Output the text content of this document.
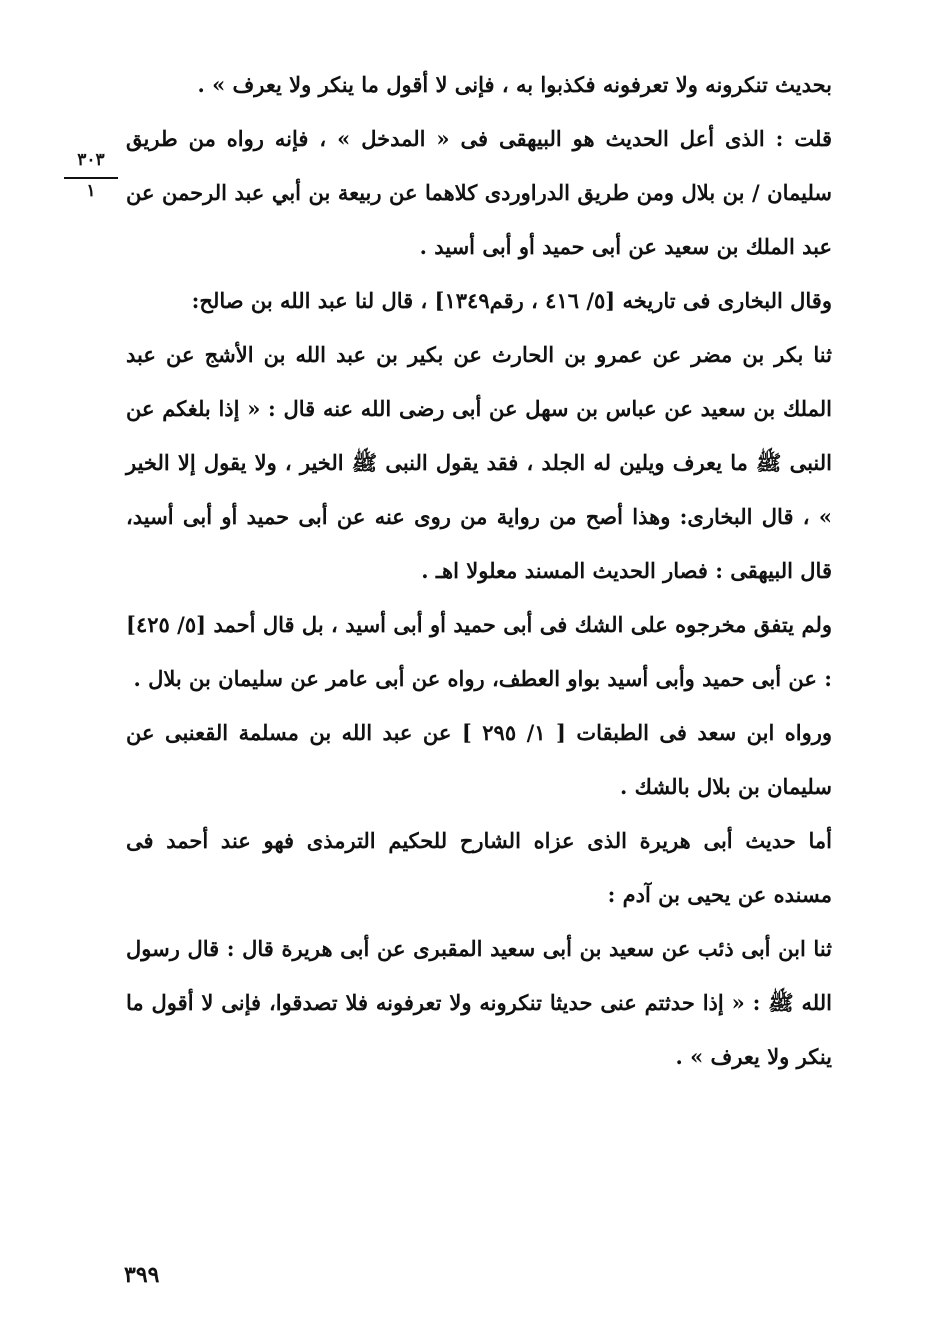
٣٠٣
١

بحديث تنكرونه ولا تعرفونه فكذبوا به ، فإنى لا أقول ما ينكر ولا يعرف » .

قلت : الذى أعل الحديث هو البيهقى فى « المدخل » ، فإنه رواه من طريق سليمان / بن بلال ومن طريق الدراوردى كلاهما عن ربيعة بن أبي عبد الرحمن عن عبد الملك بن سعيد عن أبى حميد أو أبى أسيد .

وقال البخارى فى تاريخه [٥/ ٤١٦ ، رقم١٣٤٩] ، قال لنا عبد الله بن صالح:

ثنا بكر بن مضر عن عمرو بن الحارث عن بكير بن عبد الله بن الأشج عن عبد الملك بن سعيد عن عباس بن سهل عن أبى رضى الله عنه قال : « إذا بلغكم عن النبى ﷺ ما يعرف ويلين له الجلد ، فقد يقول النبى ﷺ الخير ، ولا يقول إلا الخير » ، قال البخارى: وهذا أصح من رواية من روى عنه عن أبى حميد أو أبى أسيد، قال البيهقى : فصار الحديث المسند معلولا اهـ .

ولم يتفق مخرجوه على الشك فى أبى حميد أو أبى أسيد ، بل قال أحمد [٥/ ٤٢٥] : عن أبى حميد وأبى أسيد بواو العطف، رواه عن أبى عامر عن سليمان بن بلال .

ورواه ابن سعد فى الطبقات [ ١/ ٢٩٥ ] عن عبد الله بن مسلمة القعنبى عن سليمان بن بلال بالشك .

أما حديث أبى هريرة الذى عزاه الشارح للحكيم الترمذى فهو عند أحمد فى مسنده عن يحيى بن آدم :

ثنا ابن أبى ذئب عن سعيد بن أبى سعيد المقبرى عن أبى هريرة قال : قال رسول الله ﷺ : « إذا حدثتم عنى حديثا تنكرونه ولا تعرفونه فلا تصدقوا، فإنى لا أقول ما ينكر ولا يعرف » .

٣٩٩
